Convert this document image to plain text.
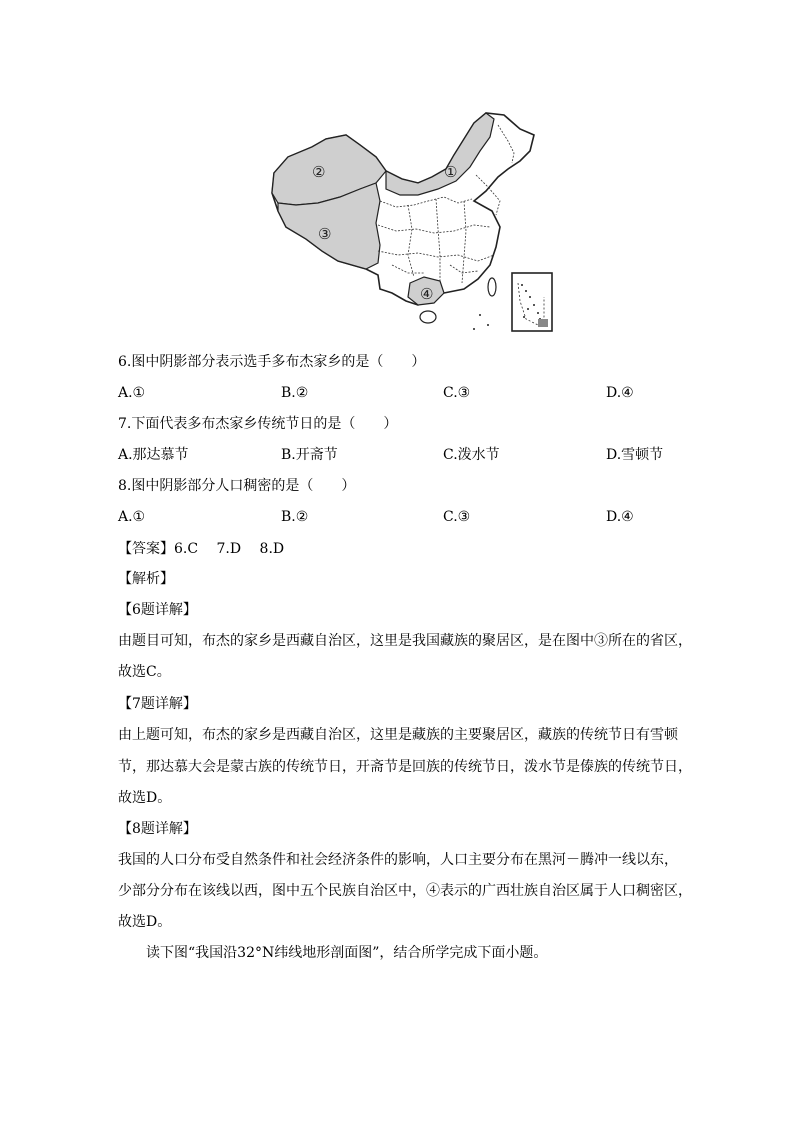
①
②
③
④
6.图中阴影部分表示选手多布杰家乡的是（　　）
A.①	B.②	C.③	D.④
7.下面代表多布杰家乡传统节日的是（　　）
A.那达慕节	B.开斋节	C.泼水节	D.雪顿节
8.图中阴影部分人口稠密的是（　　）
A.①	B.②	C.③	D.④
【答案】6.C　 7.D　 8.D
【解析】
【6题详解】
由题目可知，布杰的家乡是西藏自治区，这里是我国藏族的聚居区，是在图中③所在的省区，
故选C。
【7题详解】
由上题可知，布杰的家乡是西藏自治区，这里是藏族的主要聚居区，藏族的传统节日有雪顿
节，那达慕大会是蒙古族的传统节日，开斋节是回族的传统节日，泼水节是傣族的传统节日，
故选D。
【8题详解】
我国的人口分布受自然条件和社会经济条件的影响，人口主要分布在黑河－腾冲一线以东，
少部分分布在该线以西，图中五个民族自治区中，④表示的广西壮族自治区属于人口稠密区，
故选D。
读下图“我国沿32°N纬线地形剖面图”，结合所学完成下面小题。
